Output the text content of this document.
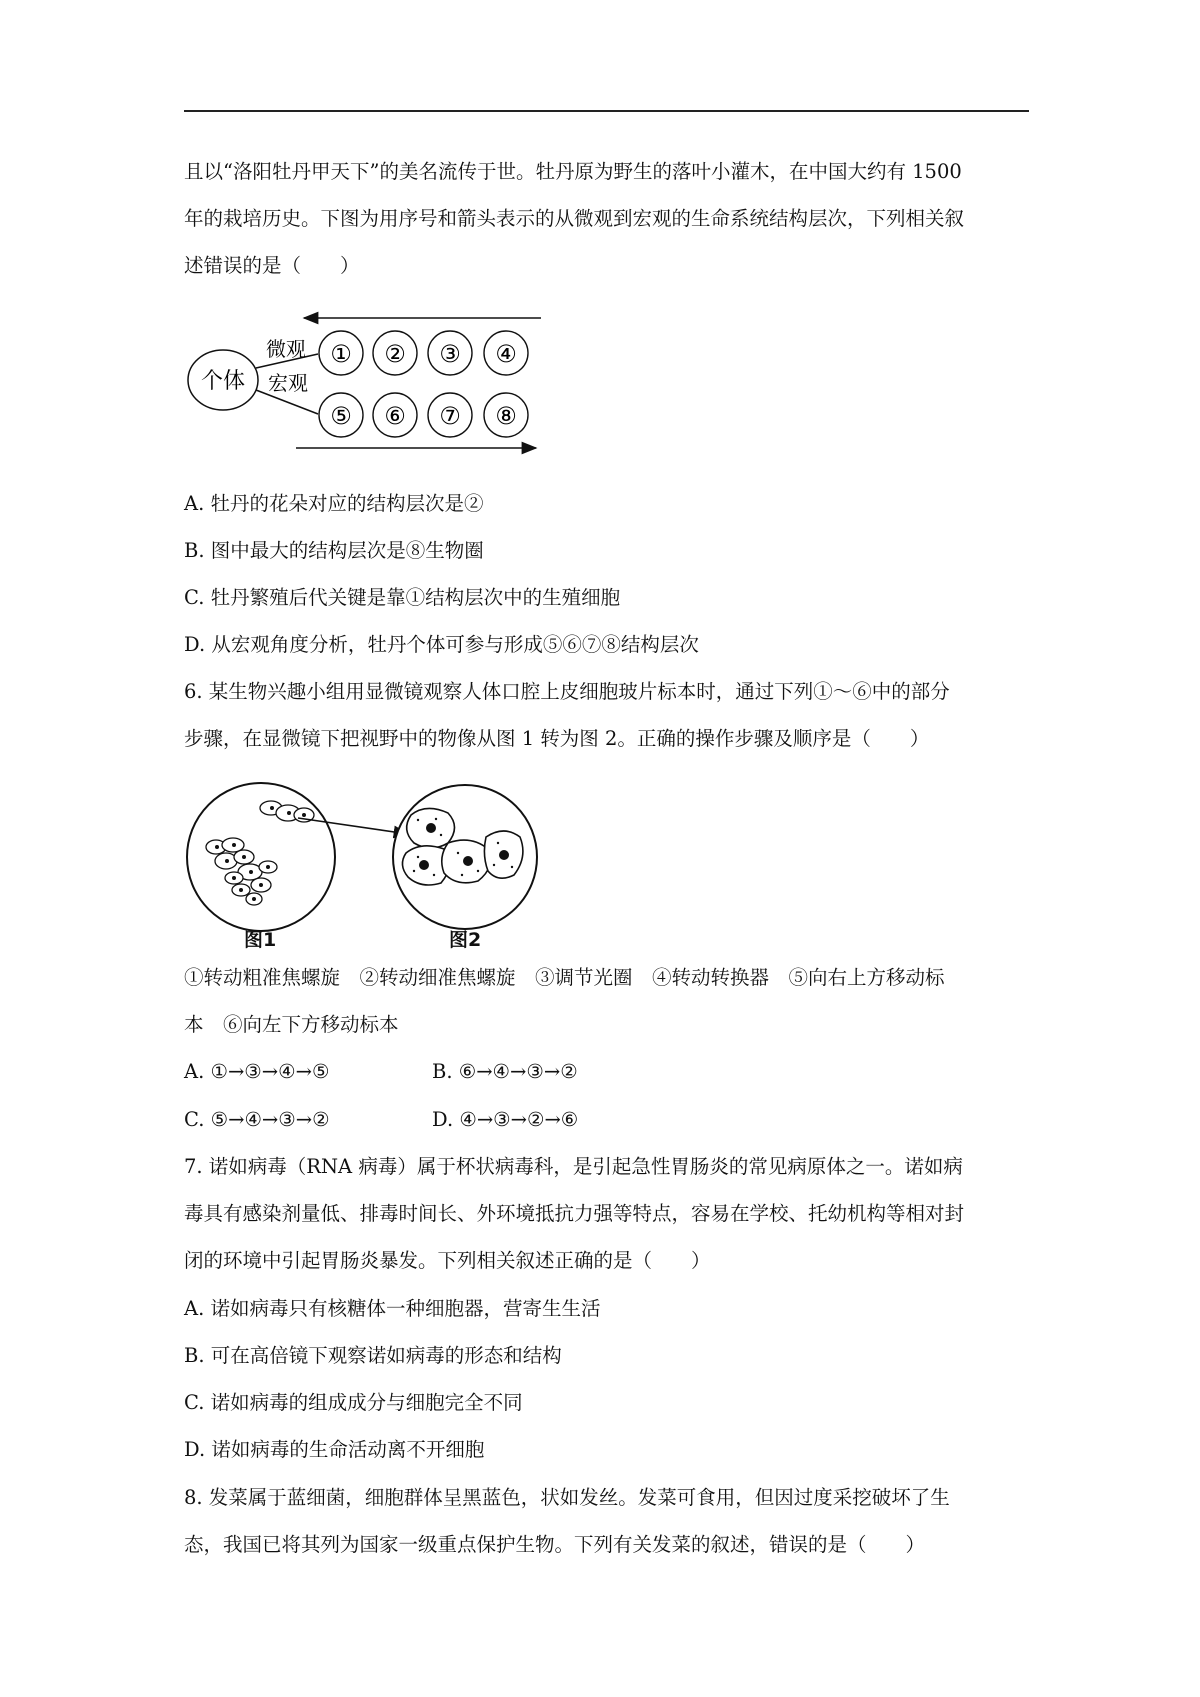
且以“洛阳牡丹甲天下”的美名流传于世。牡丹原为野生的落叶小灌木，在中国大约有 1500
年的栽培历史。下图为用序号和箭头表示的从微观到宏观的生命系统结构层次，下列相关叙
述错误的是（　　）
个体
微观
宏观
① ② ③ ④
⑤ ⑥ ⑦ ⑧
A. 牡丹的花朵对应的结构层次是②
B. 图中最大的结构层次是⑧生物圈
C. 牡丹繁殖后代关键是靠①结构层次中的生殖细胞
D. 从宏观角度分析，牡丹个体可参与形成⑤⑥⑦⑧结构层次
6. 某生物兴趣小组用显微镜观察人体口腔上皮细胞玻片标本时，通过下列①～⑥中的部分
步骤，在显微镜下把视野中的物像从图 1 转为图 2。正确的操作步骤及顺序是（　　）
图1	图2
①转动粗准焦螺旋　②转动细准焦螺旋　③调节光圈　④转动转换器　⑤向右上方移动标
本　⑥向左下方移动标本
A. ①→③→④→⑤	B. ⑥→④→③→②
C. ⑤→④→③→②	D. ④→③→②→⑥
7. 诺如病毒（RNA 病毒）属于杯状病毒科，是引起急性胃肠炎的常见病原体之一。诺如病
毒具有感染剂量低、排毒时间长、外环境抵抗力强等特点，容易在学校、托幼机构等相对封
闭的环境中引起胃肠炎暴发。下列相关叙述正确的是（　　）
A. 诺如病毒只有核糖体一种细胞器，营寄生生活
B. 可在高倍镜下观察诺如病毒的形态和结构
C. 诺如病毒的组成成分与细胞完全不同
D. 诺如病毒的生命活动离不开细胞
8. 发菜属于蓝细菌，细胞群体呈黑蓝色，状如发丝。发菜可食用，但因过度采挖破坏了生
态，我国已将其列为国家一级重点保护生物。下列有关发菜的叙述，错误的是（　　）
